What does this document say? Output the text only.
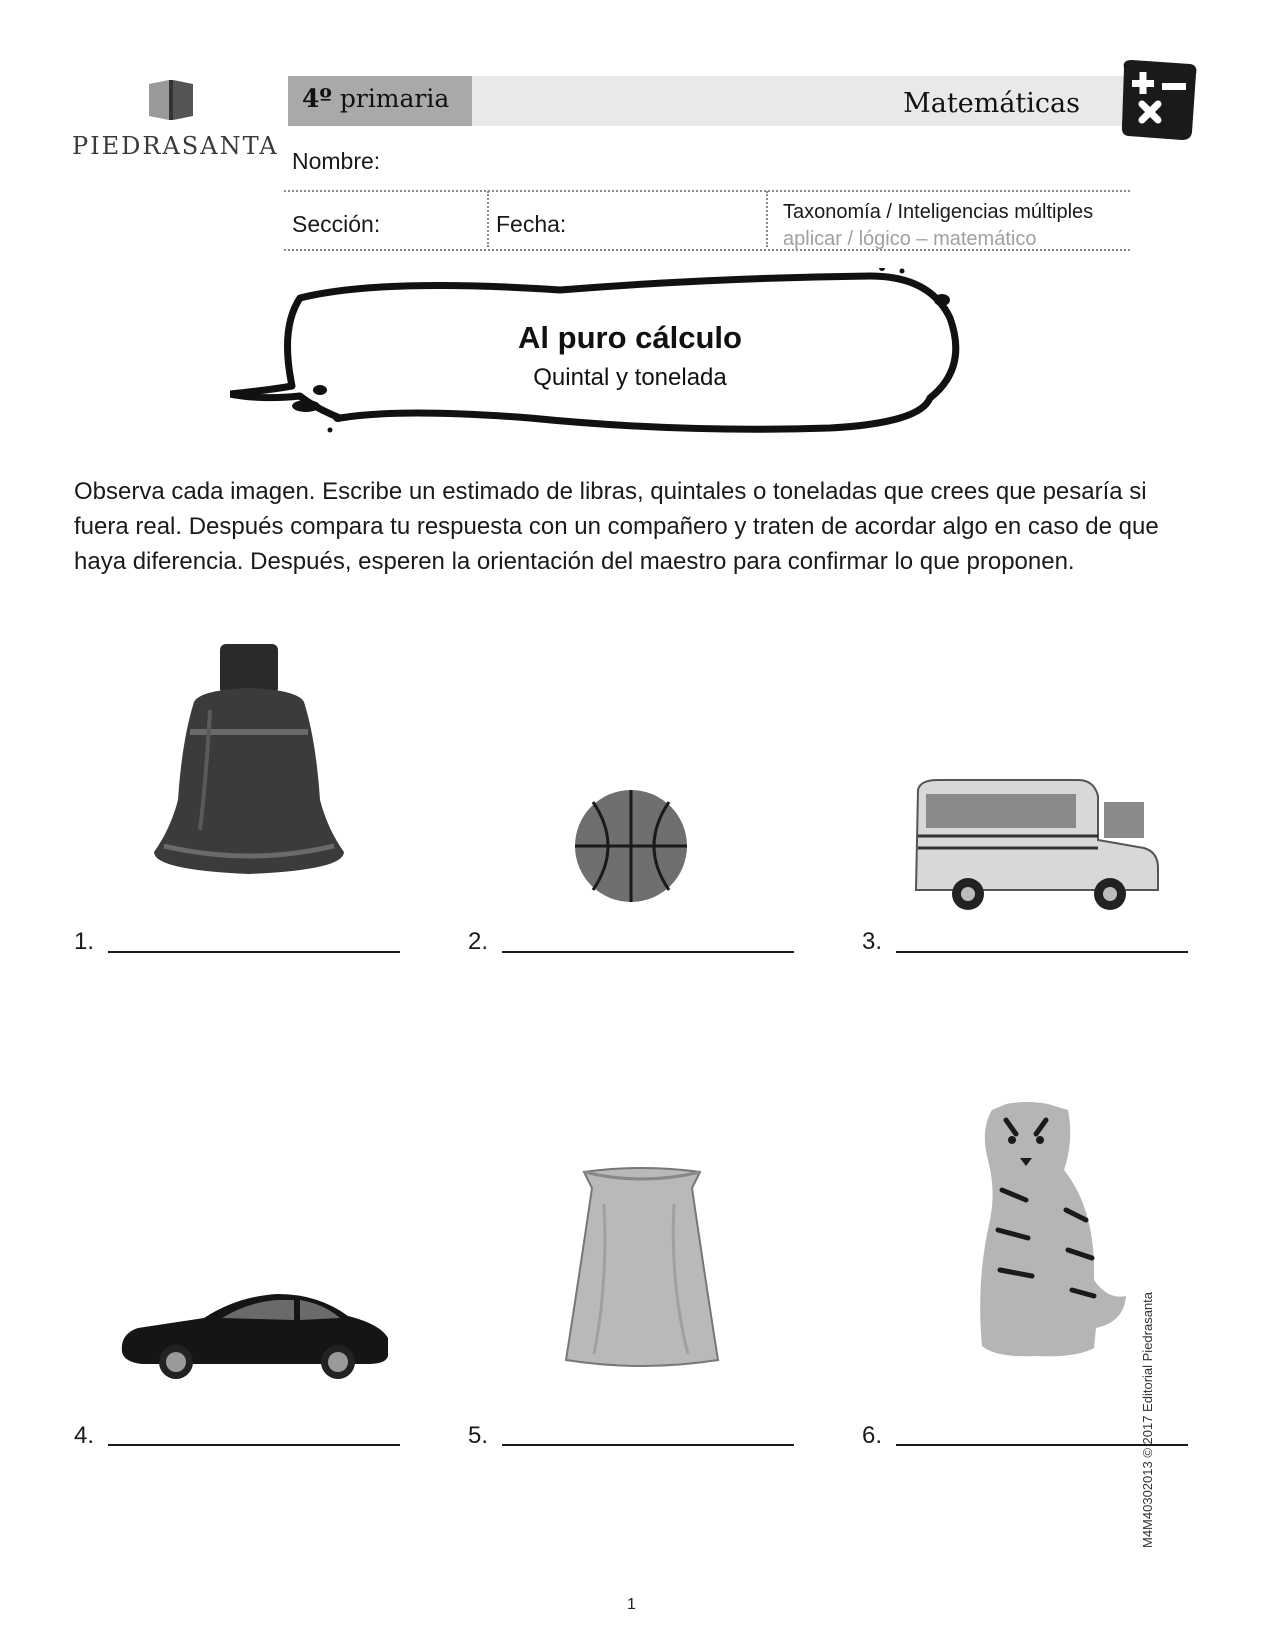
PIEDRASANTA
4º primaria	Matemáticas
Nombre:
Sección:	Fecha:	Taxonomía / Inteligencias múltiples
aplicar / lógico – matemático
Al puro cálculo
Quintal y tonelada
Observa cada imagen. Escribe un estimado de libras, quintales o toneladas que crees que pesaría si fuera real. Después compara tu respuesta con un compañero y traten de acordar algo en caso de que haya diferencia. Después, esperen la orientación del maestro para confirmar lo que proponen.
1.	2.	3.
4.	5.	6.	M4M40302013 © 2017 Editorial Piedrasanta
1
